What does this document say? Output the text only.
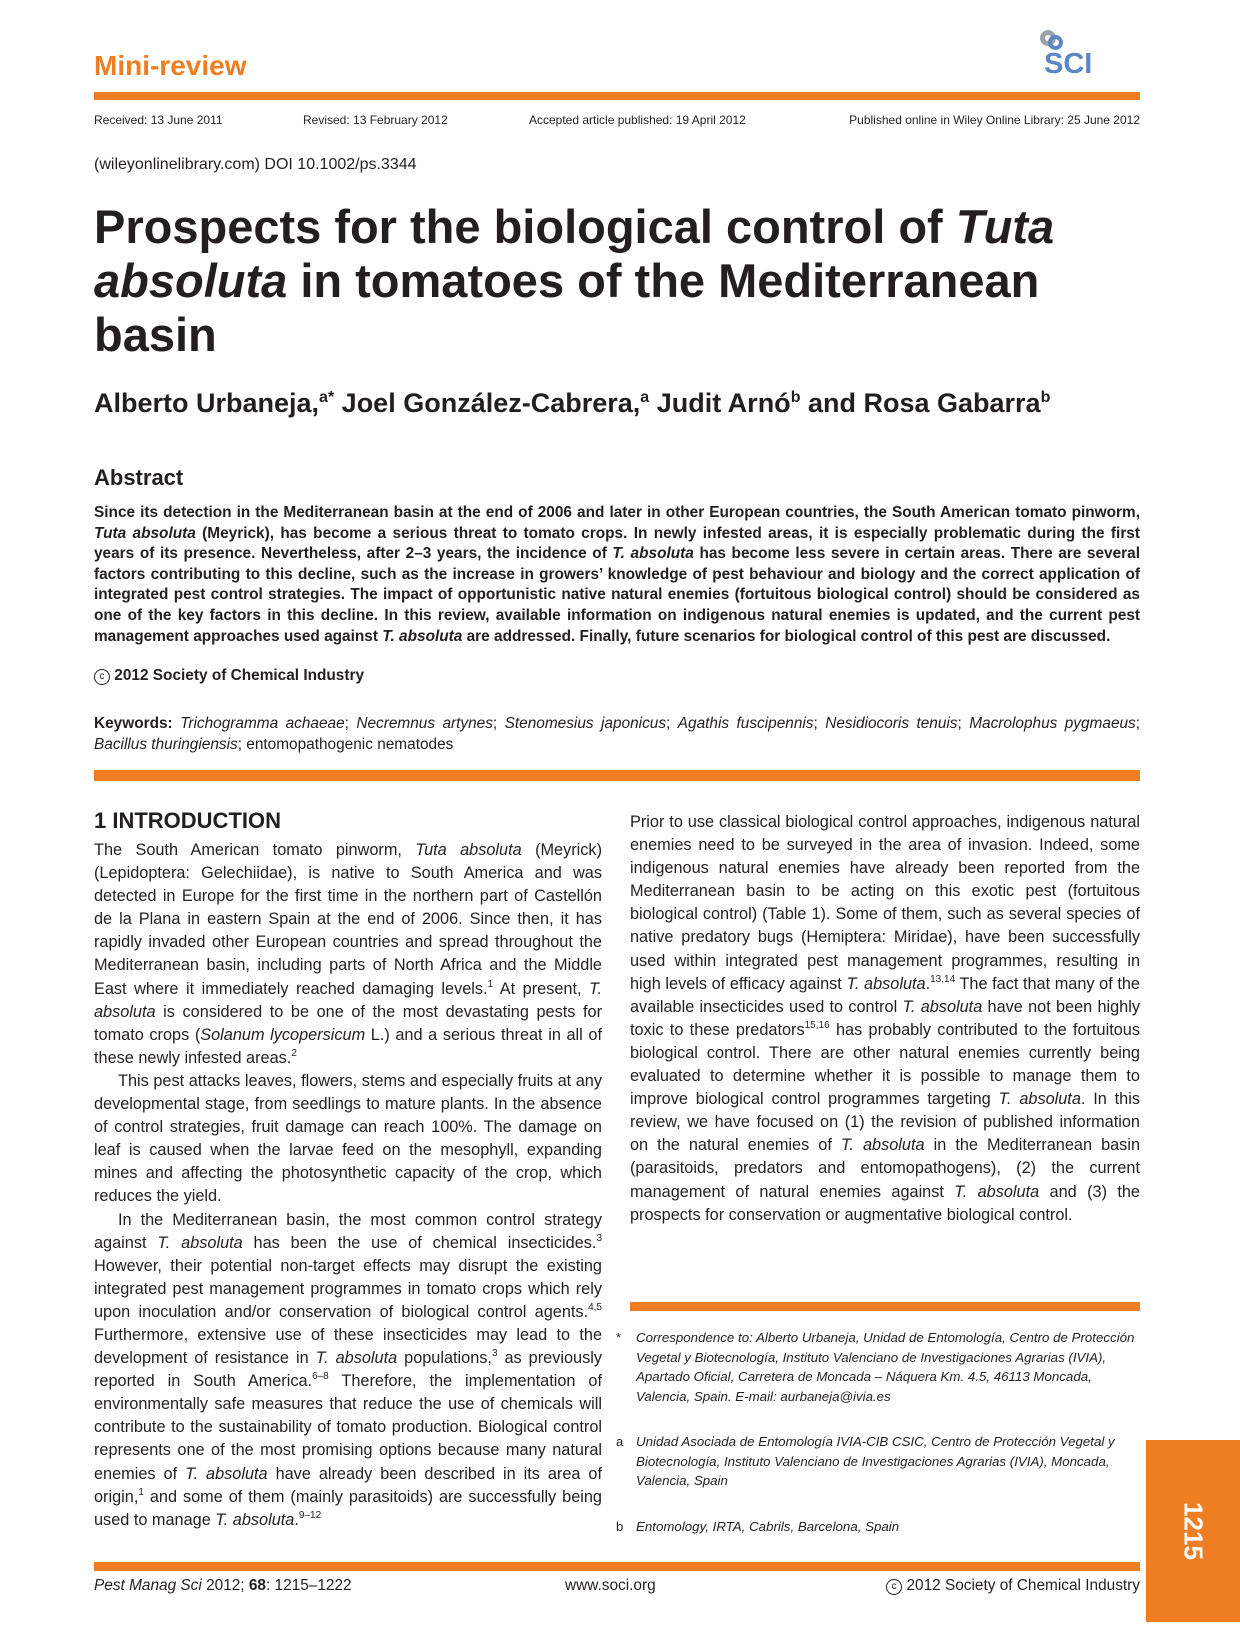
Mini-review	SCI
Received: 13 June 2011	Revised: 13 February 2012	Accepted article published: 19 April 2012	Published online in Wiley Online Library: 25 June 2012
(wileyonlinelibrary.com) DOI 10.1002/ps.3344
Prospects for the biological control of Tuta
absoluta in tomatoes of the Mediterranean basin
Alberto Urbaneja,$^{a*}$ Joel González-Cabrera,$^a$ Judit Arnó$^b$ and Rosa Gabarra$^b$
Abstract
Since its detection in the Mediterranean basin at the end of 2006 and later in other European countries, the South American tomato pinworm, Tuta absoluta (Meyrick), has become a serious threat to tomato crops. In newly infested areas, it is especially problematic during the first years of its presence. Nevertheless, after 2–3 years, the incidence of T. absoluta has become less severe in certain areas. There are several factors contributing to this decline, such as the increase in growers’ knowledge of pest behaviour and biology and the correct application of integrated pest control strategies. The impact of opportunistic native natural enemies (fortuitous biological control) should be considered as one of the key factors in this decline. In this review, available information on indigenous natural enemies is updated, and the current pest management approaches used against T. absoluta are addressed. Finally, future scenarios for biological control of this pest are discussed.
c 2012 Society of Chemical Industry
Keywords: Trichogramma achaeae; Necremnus artynes; Stenomesius japonicus; Agathis fuscipennis; Nesidiocoris tenuis; Macrolophus pygmaeus; Bacillus thuringiensis; entomopathogenic nematodes
1 INTRODUCTION

The South American tomato pinworm, Tuta absoluta (Meyrick) (Lepidoptera: Gelechiidae), is native to South America and was detected in Europe for the first time in the northern part of Castellón de la Plana in eastern Spain at the end of 2006. Since then, it has rapidly invaded other European countries and spread throughout the Mediterranean basin, including parts of North Africa and the Middle East where it immediately reached damaging levels.$^1$ At present, T. absoluta is considered to be one of the most devastating pests for tomato crops (Solanum lycopersicum L.) and a serious threat in all of these newly infested areas.$^2$

This pest attacks leaves, flowers, stems and especially fruits at any developmental stage, from seedlings to mature plants. In the absence of control strategies, fruit damage can reach 100%. The damage on leaf is caused when the larvae feed on the mesophyll, expanding mines and affecting the photosynthetic capacity of the crop, which reduces the yield.

In the Mediterranean basin, the most common control strategy against T. absoluta has been the use of chemical insecticides.$^3$ However, their potential non-target effects may disrupt the existing integrated pest management programmes in tomato crops which rely upon inoculation and/or conservation of biological control agents.$^{4,5}$ Furthermore, extensive use of these insecticides may lead to the development of resistance in T. absoluta populations,$^3$ as previously reported in South America.$^{6-8}$ Therefore, the implementation of environmentally safe measures that reduce the use of chemicals will contribute to the sustainability of tomato production. Biological control represents one of the most promising options because many natural enemies of T. absoluta have already been described in its area of origin,$^1$ and some of them (mainly parasitoids) are successfully being used to manage T. absoluta.$^{9-12}$

Prior to use classical biological control approaches, indigenous natural enemies need to be surveyed in the area of invasion. Indeed, some indigenous natural enemies have already been reported from the Mediterranean basin to be acting on this exotic pest (fortuitous biological control) (Table 1). Some of them, such as several species of native predatory bugs (Hemiptera: Miridae), have been successfully used within integrated pest management programmes, resulting in high levels of efficacy against T. absoluta.$^{13,14}$ The fact that many of the available insecticides used to control T. absoluta have not been highly toxic to these predators$^{15,16}$ has probably contributed to the fortuitous biological control. There are other natural enemies currently being evaluated to determine whether it is possible to manage them to improve biological control programmes targeting T. absoluta. In this review, we have focused on (1) the revision of published information on the natural enemies of T. absoluta in the Mediterranean basin (parasitoids, predators and entomopathogens), (2) the current management of natural enemies against T. absoluta and (3) the prospects for conservation or augmentative biological control.

* Correspondence to: Alberto Urbaneja, Unidad de Entomología, Centro de Protección Vegetal y Biotecnología, Instituto Valenciano de Investigaciones Agrarias (IVIA), Apartado Oficial, Carretera de Moncada – Náquera Km. 4.5, 46113 Moncada, Valencia, Spain. E-mail: aurbaneja@ivia.es
a Unidad Asociada de Entomología IVIA-CIB CSIC, Centro de Protección Vegetal y Biotecnología, Instituto Valenciano de Investigaciones Agrarias (IVIA), Moncada, Valencia, Spain
b Entomology, IRTA, Cabrils, Barcelona, Spain	1215
Pest Manag Sci 2012; 68: 1215–1222	www.soci.org	c 2012 Society of Chemical Industry
